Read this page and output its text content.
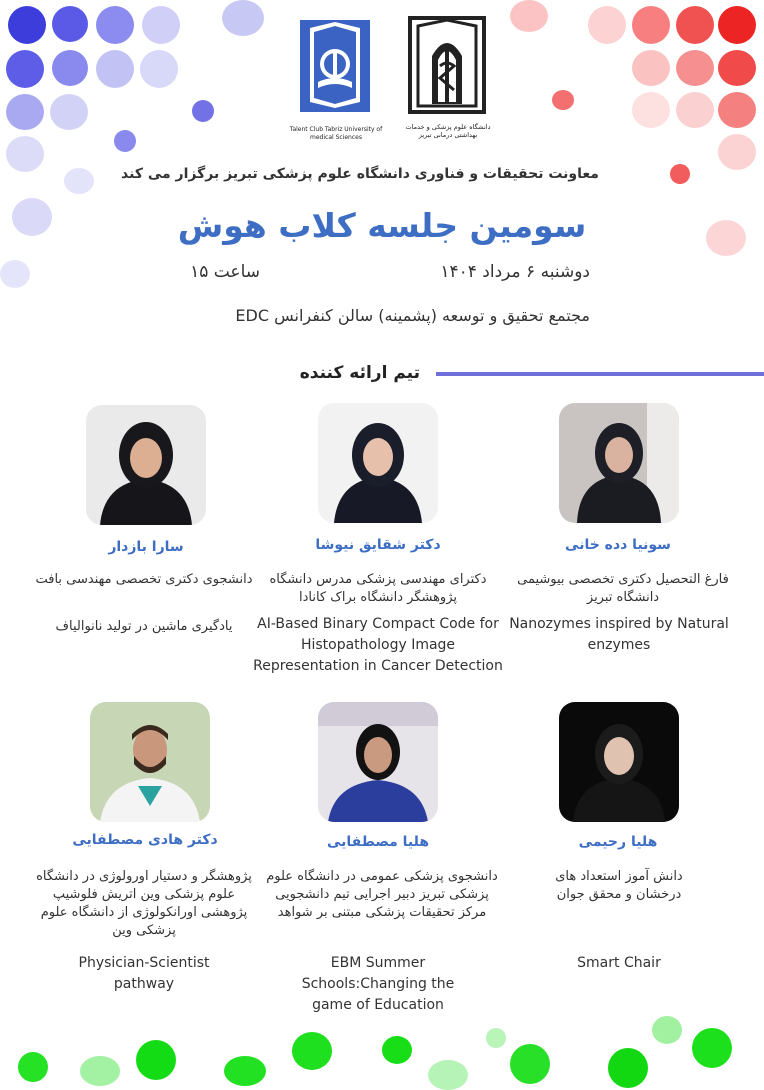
Talent Club Tabriz University of medical Sciences
دانشگاه علوم پزشکی و خدمات بهداشتی درمانی تبریز
معاونت تحقیقات و فناوری دانشگاه علوم پزشکی تبریز برگزار می کند
سومین جلسه کلاب هوش
دوشنبه ۶ مرداد ۱۴۰۴
ساعت ۱۵
مجتمع تحقیق و توسعه (پشمینه) سالن کنفرانس EDC
تیم ارائه کننده
سونیا دده خانی
فارغ التحصیل دکتری تخصصی بیوشیمی دانشگاه تبریز
Nanozymes inspired by Natural enzymes
دکتر شقایق نیوشا
دکترای مهندسی پزشکی مدرس دانشگاه پژوهشگر دانشگاه براک کانادا
AI-Based Binary Compact Code for Histopathology Image Representation in Cancer Detection
سارا بازدار
دانشجوی دکتری تخصصی مهندسی بافت
یادگیری ماشین در تولید نانوالیاف
هلیا رحیمی
دانش آموز استعداد های درخشان و محقق جوان
Smart Chair
هلیا مصطفایی
دانشجوی پزشکی عمومی در دانشگاه علوم پزشکی تبریز دبیر اجرایی تیم دانشجویی مرکز تحقیقات پزشکی مبتنی بر شواهد
EBM Summer Schools:Changing the game of Education
دکتر هادی مصطفایی
پژوهشگر و دستیار اورولوژی در دانشگاه علوم پزشکی وین اتریش فلوشیپ پژوهشی اورانکولوژی از دانشگاه علوم پزشکی وین
Physician-Scientist pathway
